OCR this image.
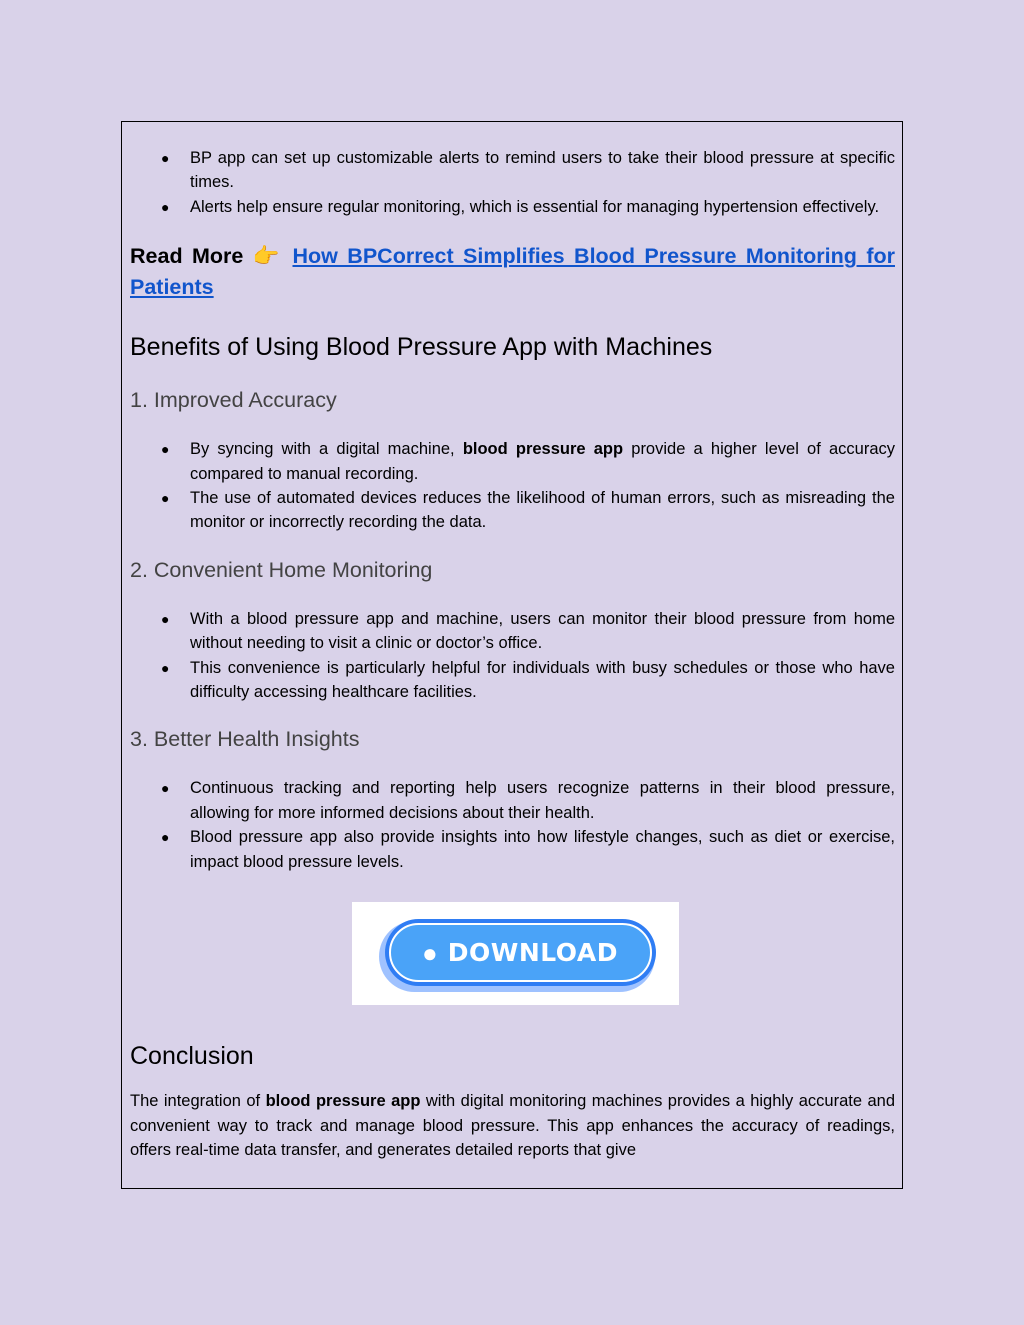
● BP app can set up customizable alerts to remind users to take their blood pressure at specific times.
● Alerts help ensure regular monitoring, which is essential for managing hypertension effectively.
Read More 👉 How BPCorrect Simplifies Blood Pressure Monitoring for Patients
Benefits of Using Blood Pressure App with Machines
1. Improved Accuracy
● By syncing with a digital machine, blood pressure app provide a higher level of accuracy compared to manual recording.
● The use of automated devices reduces the likelihood of human errors, such as misreading the monitor or incorrectly recording the data.
2. Convenient Home Monitoring
● With a blood pressure app and machine, users can monitor their blood pressure from home without needing to visit a clinic or doctor’s office.
● This convenience is particularly helpful for individuals with busy schedules or those who have difficulty accessing healthcare facilities.
3. Better Health Insights
● Continuous tracking and reporting help users recognize patterns in their blood pressure, allowing for more informed decisions about their health.
● Blood pressure app also provide insights into how lifestyle changes, such as diet or exercise, impact blood pressure levels.
● DOWNLOAD
Conclusion

The integration of blood pressure app with digital monitoring machines provides a highly accurate and convenient way to track and manage blood pressure. This app enhances the accuracy of readings, offers real-time data transfer, and generates detailed reports that give
